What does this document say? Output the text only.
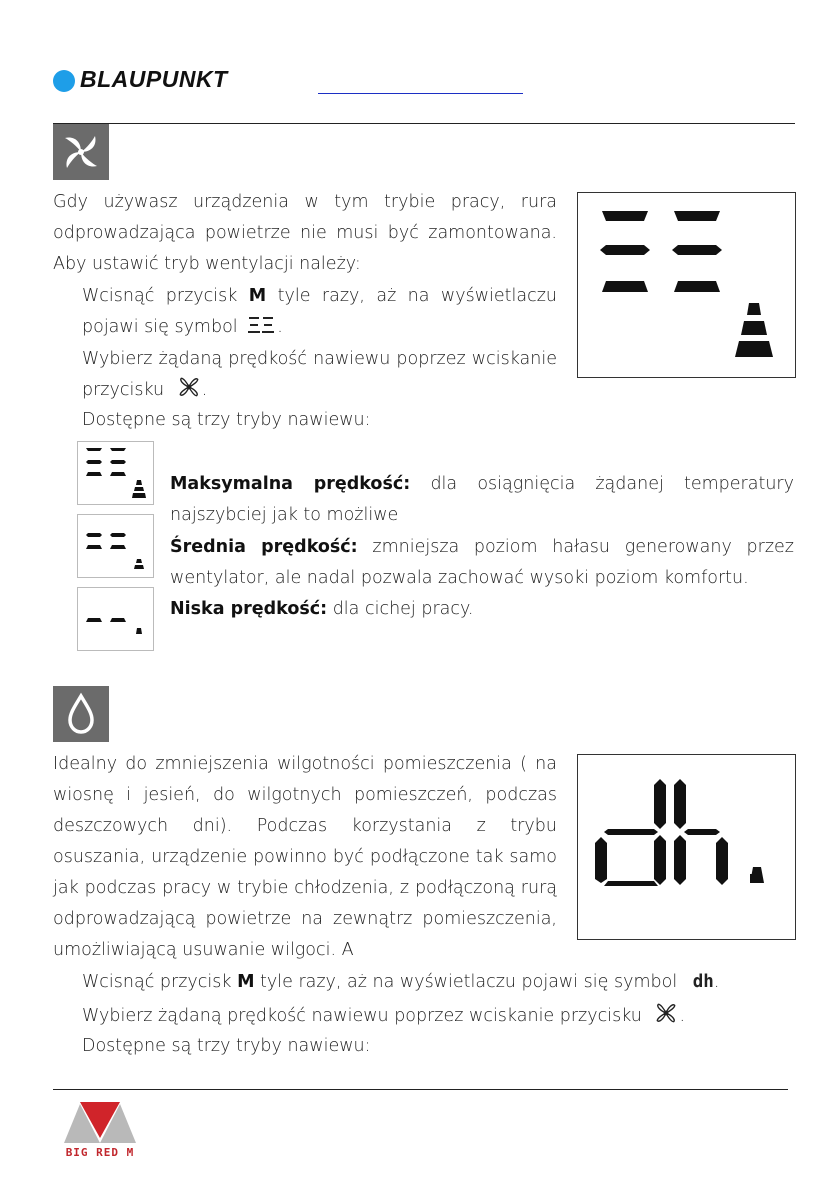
BLAUPUNKT
Gdy używasz urządzenia w tym trybie pracy, rura odprowadzająca powietrze nie musi być zamontowana. Aby ustawić tryb wentylacji należy:
Wcisnąć przycisk M tyle razy, aż na wyświetlaczu pojawi się symbol .
Wybierz żądaną prędkość nawiewu poprzez wciskanie przycisku .
Dostępne są trzy tryby nawiewu:
Maksymalna prędkość: dla osiągnięcia żądanej temperatury najszybciej jak to możliwe
Średnia prędkość: zmniejsza poziom hałasu generowany przez wentylator, ale nadal pozwala zachować wysoki poziom komfortu.
Niska prędkość: dla cichej pracy.
Idealny do zmniejszenia wilgotności pomieszczenia ( na wiosnę i jesień, do wilgotnych pomieszczeń, podczas deszczowych dni). Podczas korzystania z trybu osuszania, urządzenie powinno być podłączone tak samo jak podczas pracy w trybie chłodzenia, z podłączoną rurą odprowadzającą powietrze na zewnątrz pomieszczenia, umożliwiającą usuwanie wilgoci. A
Wcisnąć przycisk M tyle razy, aż na wyświetlaczu pojawi się symbol dh.
Wybierz żądaną prędkość nawiewu poprzez wciskanie przycisku .
Dostępne są trzy tryby nawiewu:
BIG RED M
